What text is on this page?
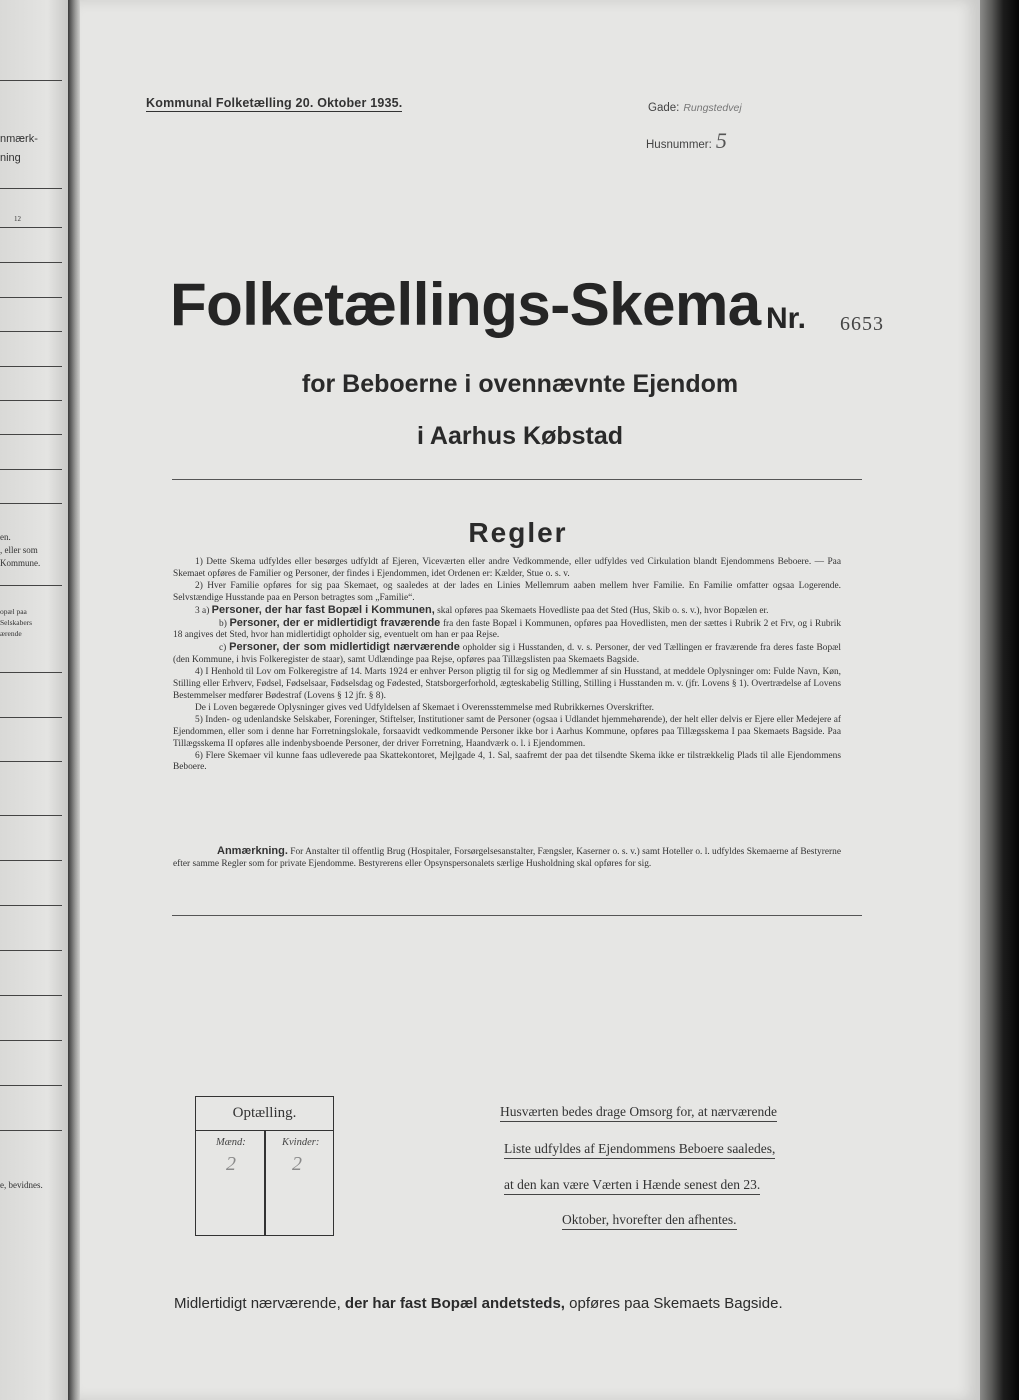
nmærk-
ning
12
en.
, eller som
Kommune.
opæl paa
Selskabers
ærende
e, bevidnes.
Kommunal Folketælling 20. Oktober 1935.	Gade: Rungstedvej
Husnummer: 5
Folketællings-Skema Nr. 6653
for Beboerne i ovennævnte Ejendom
i Aarhus Købstad
Regler

1) Dette Skema udfyldes eller besørges udfyldt af Ejeren, Viceværten eller andre Vedkommende, eller udfyldes ved Cirkulation blandt Ejendommens Beboere. — Paa Skemaet opføres de Familier og Personer, der findes i Ejendommen, idet Ordenen er: Kælder, Stue o. s. v.

2) Hver Familie opføres for sig paa Skemaet, og saaledes at der lades en Linies Mellemrum aaben mellem hver Familie. En Familie omfatter ogsaa Logerende. Selvstændige Husstande paa en Person betragtes som „Familie“.

3 a) Personer, der har fast Bopæl i Kommunen, skal opføres paa Skemaets Hovedliste paa det Sted (Hus, Skib o. s. v.), hvor Bopælen er.

b) Personer, der er midlertidigt fraværende fra den faste Bopæl i Kommunen, opføres paa Hovedlisten, men der sættes i Rubrik 2 et Frv, og i Rubrik 18 angives det Sted, hvor han midlertidigt opholder sig, eventuelt om han er paa Rejse.

c) Personer, der som midlertidigt nærværende opholder sig i Husstanden, d. v. s. Personer, der ved Tællingen er fraværende fra deres faste Bopæl (den Kommune, i hvis Folkeregister de staar), samt Udlændinge paa Rejse, opføres paa Tillægslisten paa Skemaets Bagside.

4) I Henhold til Lov om Folkeregistre af 14. Marts 1924 er enhver Person pligtig til for sig og Medlemmer af sin Husstand, at meddele Oplysninger om: Fulde Navn, Køn, Stilling eller Erhverv, Fødsel, Fødselsaar, Fødselsdag og Fødested, Statsborgerforhold, ægteskabelig Stilling, Stilling i Husstanden m. v. (jfr. Lovens § 1). Overtrædelse af Lovens Bestemmelser medfører Bødestraf (Lovens § 12 jfr. § 8).

De i Loven begærede Oplysninger gives ved Udfyldelsen af Skemaet i Overensstemmelse med Rubrikkernes Overskrifter.

5) Inden- og udenlandske Selskaber, Foreninger, Stiftelser, Institutioner samt de Personer (ogsaa i Udlandet hjemmehørende), der helt eller delvis er Ejere eller Medejere af Ejendommen, eller som i denne har Forretningslokale, forsaavidt vedkommende Personer ikke bor i Aarhus Kommune, opføres paa Tillægsskema I paa Skemaets Bagside. Paa Tillægsskema II opføres alle indenbysboende Personer, der driver Forretning, Haandværk o. l. i Ejendommen.

6) Flere Skemaer vil kunne faas udleverede paa Skattekontoret, Mejlgade 4, 1. Sal, saafremt der paa det tilsendte Skema ikke er tilstrækkelig Plads til alle Ejendommens Beboere.

Anmærkning. For Anstalter til offentlig Brug (Hospitaler, Forsørgelsesanstalter, Fængsler, Kaserner o. s. v.) samt Hoteller o. l. udfyldes Skemaerne af Bestyrerne efter samme Regler som for private Ejendomme. Bestyrerens eller Opsynspersonalets særlige Husholdning skal opføres for sig.
Optælling.
Mænd:
2
Kvinder:
2
Husværten bedes drage Omsorg for, at nærværende
Liste udfyldes af Ejendommens Beboere saaledes,
at den kan være Værten i Hænde senest den 23.
Oktober, hvorefter den afhentes.
Midlertidigt nærværende, der har fast Bopæl andetsteds, opføres paa Skemaets Bagside.
